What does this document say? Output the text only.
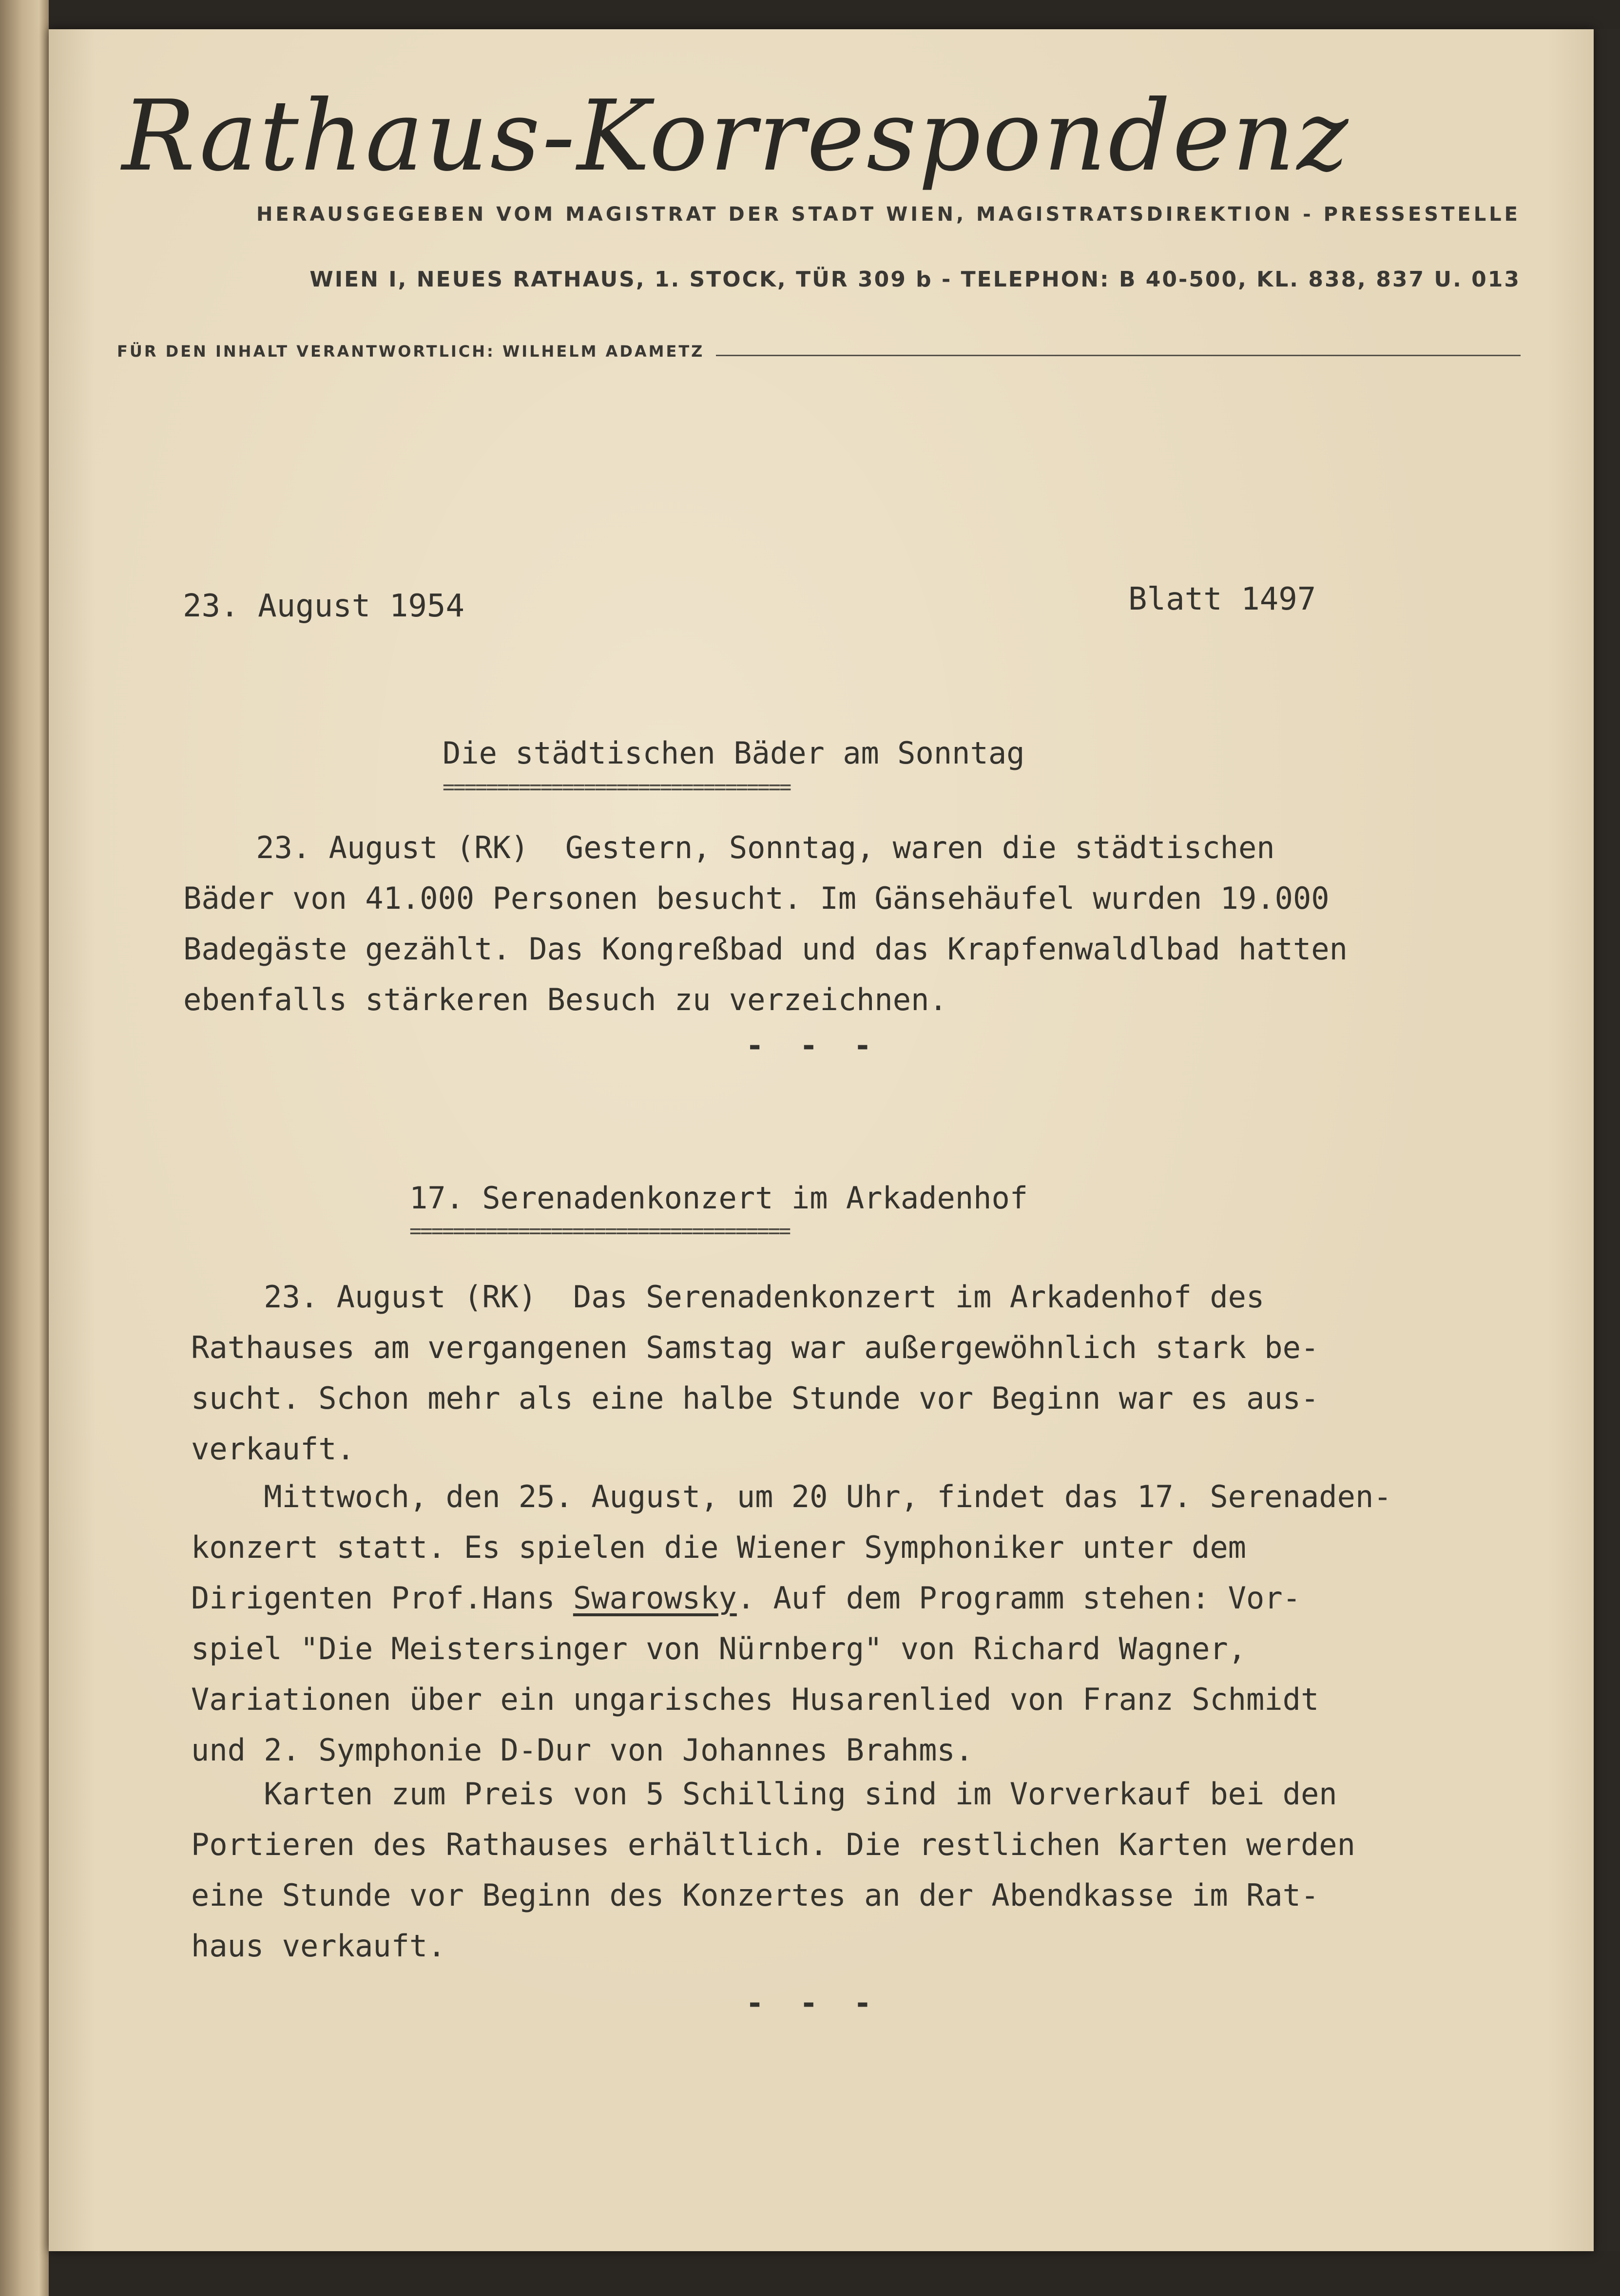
Rathaus-Korrespondenz
HERAUSGEGEBEN VOM MAGISTRAT DER STADT WIEN, MAGISTRATSDIREKTION - PRESSESTELLE
WIEN I, NEUES RATHAUS, 1. STOCK, TÜR 309 b - TELEPHON: B 40-500, KL. 838, 837 U. 013
FÜR DEN INHALT VERANTWORTLICH: WILHELM ADAMETZ
23. August 1954	Blatt 1497
Die städtischen Bäder am Sonntag
================================
23. August (RK)  Gestern, Sonntag, waren die städtischen
Bäder von 41.000 Personen besucht. Im Gänsehäufel wurden 19.000
Badegäste gezählt. Das Kongreßbad und das Krapfenwaldlbad hatten
ebenfalls stärkeren Besuch zu verzeichnen.
- - -
17. Serenadenkonzert im Arkadenhof
===================================
23. August (RK)  Das Serenadenkonzert im Arkadenhof des
Rathauses am vergangenen Samstag war außergewöhnlich stark be-
sucht. Schon mehr als eine halbe Stunde vor Beginn war es aus-
verkauft.
Mittwoch, den 25. August, um 20 Uhr, findet das 17. Serenaden-
konzert statt. Es spielen die Wiener Symphoniker unter dem
Dirigenten Prof.Hans Swarowsky. Auf dem Programm stehen: Vor-
spiel "Die Meistersinger von Nürnberg" von Richard Wagner,
Variationen über ein ungarisches Husarenlied von Franz Schmidt
und 2. Symphonie D-Dur von Johannes Brahms.
Karten zum Preis von 5 Schilling sind im Vorverkauf bei den
Portieren des Rathauses erhältlich. Die restlichen Karten werden
eine Stunde vor Beginn des Konzertes an der Abendkasse im Rat-
haus verkauft.
- - -
